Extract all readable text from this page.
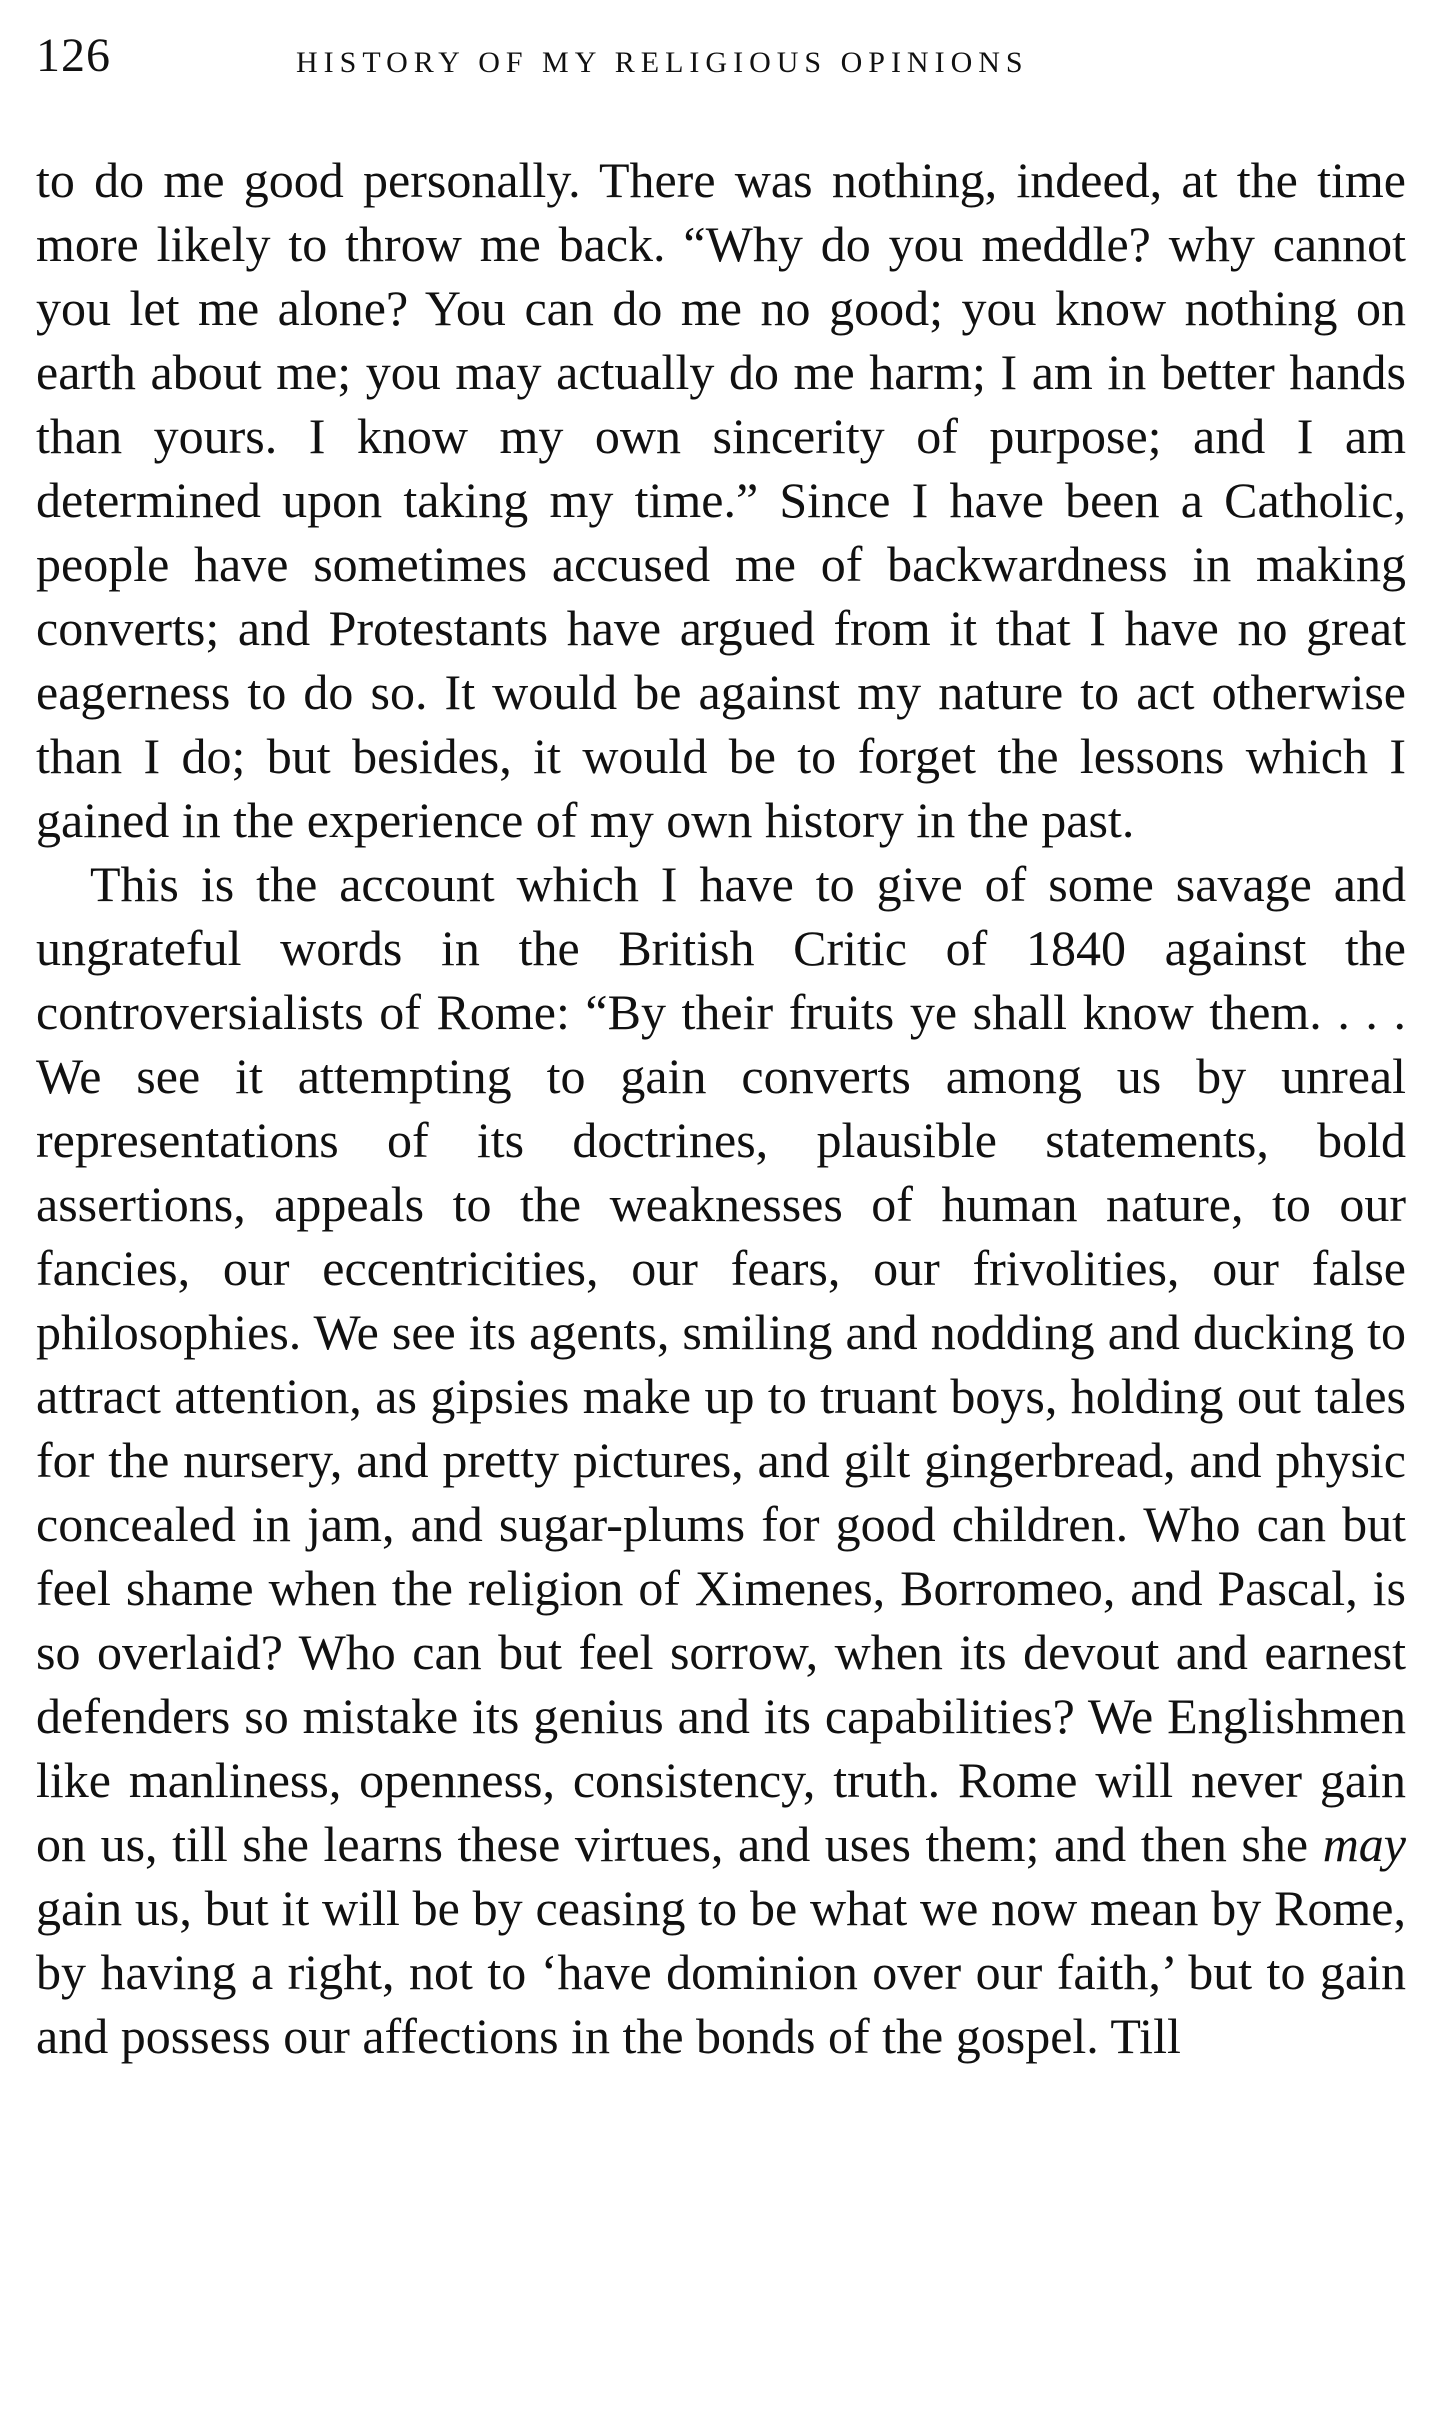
126	HISTORY OF MY RELIGIOUS OPINIONS

to do me good personally. There was nothing, indeed, at the time more likely to throw me back. “Why do you meddle? why cannot you let me alone? You can do me no good; you know nothing on earth about me; you may actually do me harm; I am in better hands than yours. I know my own sincerity of purpose; and I am determined upon taking my time.” Since I have been a Catholic, people have sometimes accused me of backwardness in making converts; and Protestants have argued from it that I have no great eagerness to do so. It would be against my nature to act otherwise than I do; but besides, it would be to forget the lessons which I gained in the experience of my own history in the past.

This is the account which I have to give of some savage and ungrateful words in the British Critic of 1840 against the controversialists of Rome: “By their fruits ye shall know them. . . . We see it attempting to gain converts among us by unreal representations of its doctrines, plausible statements, bold assertions, appeals to the weaknesses of human nature, to our fancies, our eccentricities, our fears, our frivolities, our false philosophies. We see its agents, smiling and nodding and ducking to attract attention, as gipsies make up to truant boys, holding out tales for the nursery, and pretty pictures, and gilt gingerbread, and physic concealed in jam, and sugar-plums for good children. Who can but feel shame when the religion of Ximenes, Borromeo, and Pascal, is so overlaid? Who can but feel sorrow, when its devout and earnest defenders so mistake its genius and its capabilities? We Englishmen like manliness, openness, consistency, truth. Rome will never gain on us, till she learns these virtues, and uses them; and then she may gain us, but it will be by ceasing to be what we now mean by Rome, by having a right, not to ‘have dominion over our faith,’ but to gain and possess our affections in the bonds of the gospel. Till
